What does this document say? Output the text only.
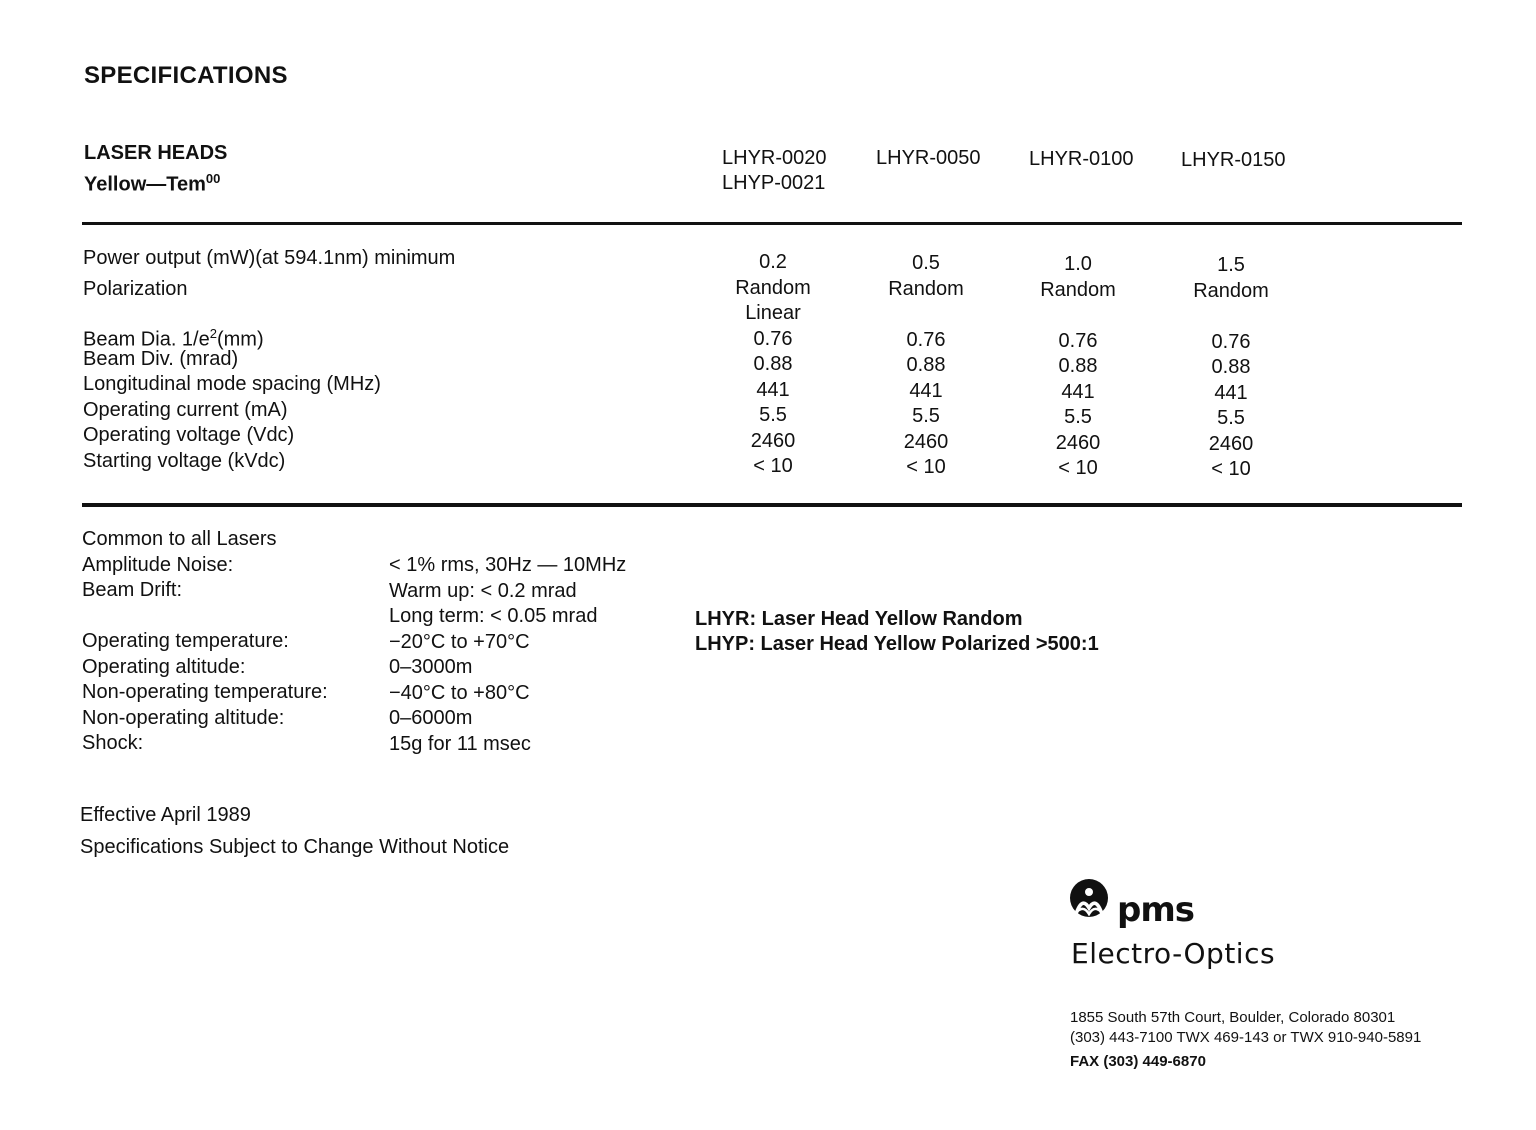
SPECIFICATIONS
LASER HEADS
Yellow—Tem$^{00}$
LHYR-0020
LHYP-0021
LHYR-0050 LHYR-0100 LHYR-0150
Power output (mW)(at 594.1nm) minimum
Polarization
Beam Dia. $1/e^2(mm)$
Beam Div. (mrad)
Longitudinal mode spacing (MHz)
Operating current (mA)
Operating voltage (Vdc)
Starting voltage (kVdc)
0.2
Random
Linear
0.76
0.88
441
5.5
2460
< 10
0.5
Random
0.76
0.88
441
5.5
2460
< 10
1.0
Random
0.76
0.88
441
5.5
2460
< 10
1.5
Random
0.76
0.88
441
5.5
2460
< 10
Common to all Lasers
Amplitude Noise:
Beam Drift:
Operating temperature:
Operating altitude:
Non-operating temperature:
Non-operating altitude:
Shock:
< 1% rms, 30Hz — 10MHz
Warm up: < 0.2 mrad
Long term: < 0.05 mrad
−20°C to +70°C
0–3000m
−40°C to +80°C
0–6000m
15g for 11 msec
LHYR: Laser Head Yellow Random
LHYP: Laser Head Yellow Polarized >500:1
Effective April 1989
Specifications Subject to Change Without Notice
pms
Electro-Optics
1855 South 57th Court, Boulder, Colorado 80301
(303) 443-7100 TWX 469-143 or TWX 910-940-5891
FAX (303) 449-6870
